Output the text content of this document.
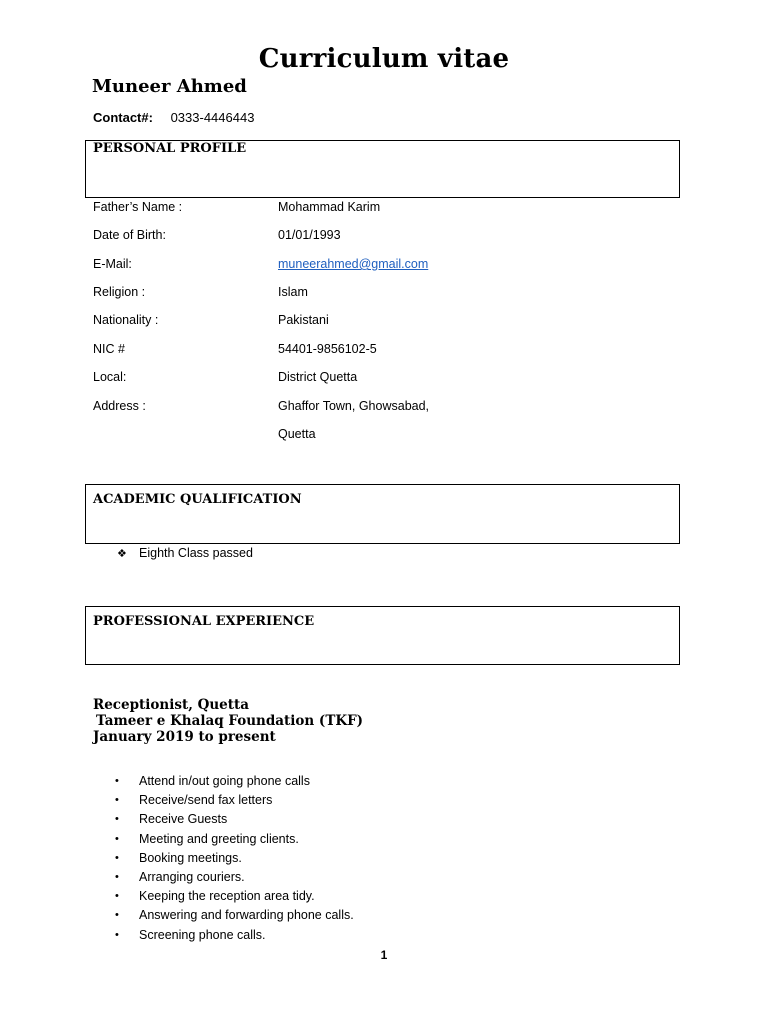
Curriculum vitae
Muneer Ahmed
Contact#: 0333-4446443
PERSONAL PROFILE
Father’s Name :	Mohammad Karim
Date of Birth:	01/01/1993
E-Mail:	muneerahmed@gmail.com
Religion :	Islam
Nationality :	Pakistani
NIC #	54401-9856102-5
Local:	District Quetta
Address :	Ghaffor Town, Ghowsabad,
Quetta
ACADEMIC QUALIFICATION
❖ Eighth Class passed
PROFESSIONAL EXPERIENCE
Receptionist, Quetta
Tameer e Khalaq Foundation (TKF)
January 2019 to present
• Attend in/out going phone calls
• Receive/send fax letters
• Receive Guests
• Meeting and greeting clients.
• Booking meetings.
• Arranging couriers.
• Keeping the reception area tidy.
• Answering and forwarding phone calls.
• Screening phone calls.
1
